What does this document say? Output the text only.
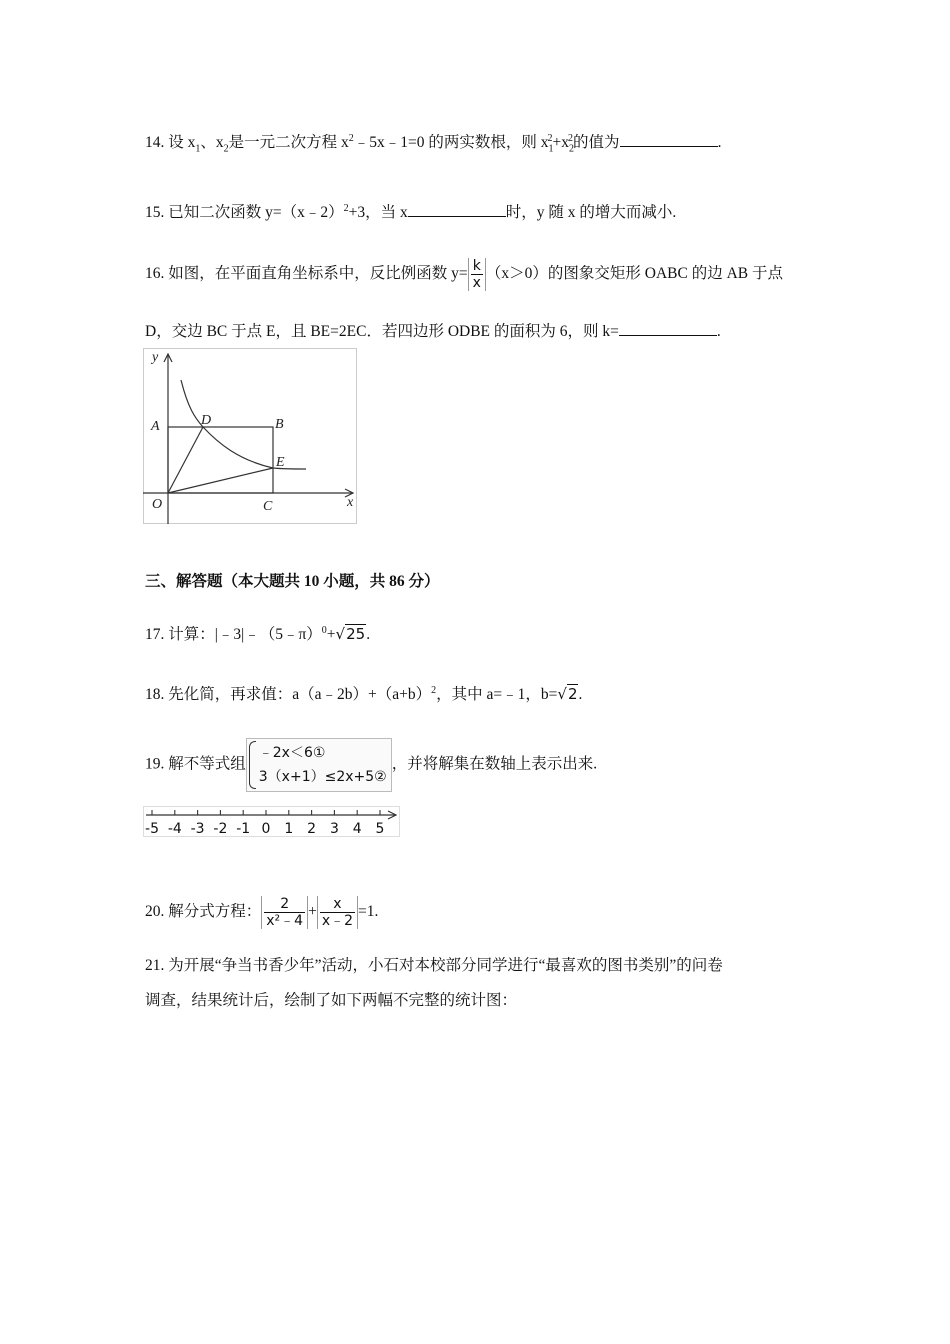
14. 设 $x_1$、$x_2$是一元二次方程 $x^2﹣5x﹣1=0$ 的两实数根，则 $x_1^2+x_2^2$的值为	.
15. 已知二次函数 y=（x﹣2）$^2$+3，当 x	时，y 随 x 的增大而减小.
16. 如图，在平面直角坐标系中，反比例函数 $y= \frac{k}{x} (x>0)$的图象交矩形 OABC 的边 AB 于点
D，交边 BC 于点 E，且 BE=2EC．若四边形 ODBE 的面积为 6，则 k=	.
y
x
A	B
C
D
E
O
三、解答题（本大题共 10 小题，共 86 分）
17. 计算：|﹣3|﹣（5﹣π）$^0$+√25.
18. 先化简，再求值：$a(a﹣2b)+(a+b)^2$，其中 a=﹣1，b=√2.
19. 解不等式组
﹣2x＜6①
3（x+1）≤2x+5②
，并将解集在数轴上表示出来.
-5 -4 -3 -2 -1 0 1 2 3 4 5
20. 解分式方程： $\frac{2}{\text{x²﹣4}} + \frac{x}{x﹣2} =1$.
21. 为开展“争当书香少年”活动，小石对本校部分同学进行“最喜欢的图书类别”的问卷
调查，结果统计后，绘制了如下两幅不完整的统计图：
